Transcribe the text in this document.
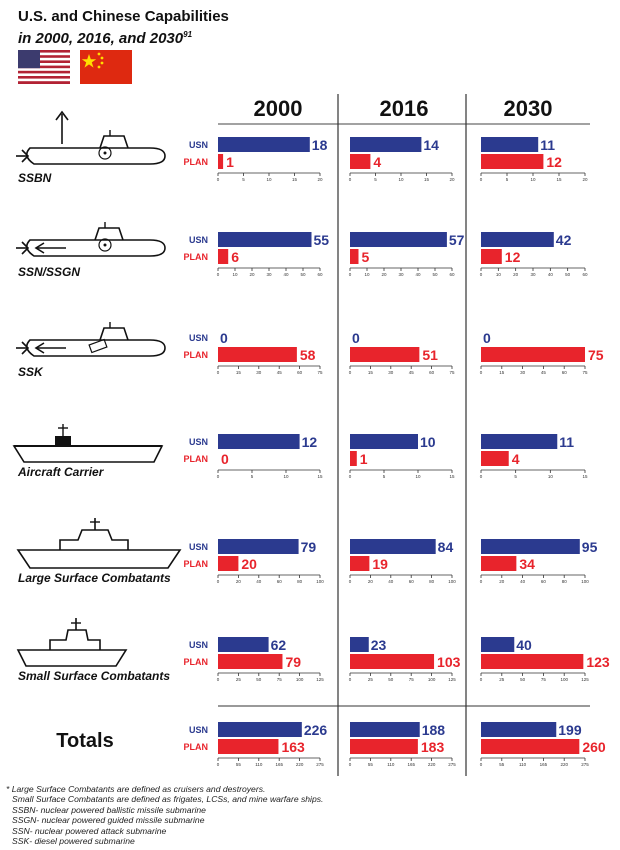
U.S. and Chinese Capabilities
in 2000, 2016, and 2030$^{91}$
2000	2016	2030
SSBN
USN
PLAN
18
1
0	5	10	15	20
14
4
0	5	10	15	20
11
12
0	5	10	15	20
SSN/SSGN
USN
PLAN
55
6
0	10	20	30	40	50	60
57
5
0	10	20	30	40	50	60
42
12
0	10	20	30	40	50	60
SSK
USN
PLAN
0
58
0	15	30	45	60	75
0
51
0	15	30	45	60	75
0
75
0	15	30	45	60	75
Aircraft Carrier
USN
PLAN
12
0
0	5	10	15
10
1
0	5	10	15
11
4
0	5	10	15
Large Surface Combatants
USN
PLAN
79
20
0	20	40	60	80	100
84
19
0	20	40	60	80	100
95
34
0	20	40	60	80	100
Small Surface Combatants
USN
PLAN
62
79
0	25	50	75	100	125
23
103
0	25	50	75	100	125
40
123
0	25	50	75	100	125
Totals	USN
PLAN
226
163
0	55	110	165	220	275
188
183
0	55	110	165	220	275
199
260
0	55	110	165	220	275
* Large Surface Combatants are defined as cruisers and destroyers.
Small Surface Combatants are defined as frigates, LCSs, and mine warfare ships.
SSBN- nuclear powered ballistic missile submarine
SSGN- nuclear powered guided missile submarine
SSN- nuclear powered attack submarine
SSK- diesel powered submarine
